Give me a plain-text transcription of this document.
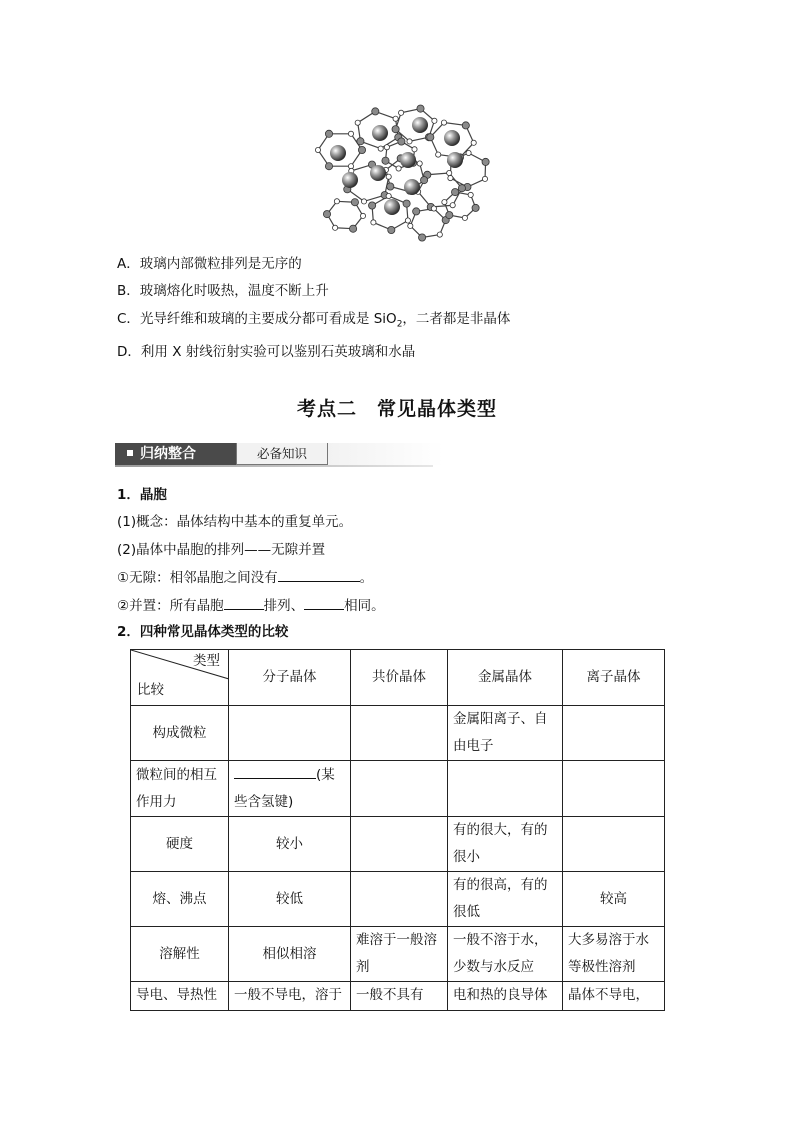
A．玻璃内部微粒排列是无序的
B．玻璃熔化时吸热，温度不断上升
C．光导纤维和玻璃的主要成分都可看成是 SiO$_2$，二者都是非晶体
D．利用 X 射线衍射实验可以鉴别石英玻璃和水晶
考点二　常见晶体类型
归纳整合	必备知识
1．晶胞
(1)概念：晶体结构中基本的重复单元。
(2)晶体中晶胞的排列——无隙并置
①无隙：相邻晶胞之间没有	。
②并置：所有晶胞	排列、	相同。
2．四种常见晶体类型的比较
类型
比较	分子晶体	共价晶体	金属晶体	离子晶体
构成微粒			金属阳离子、自由电子	
微粒间的相互作用力	(某些含氢键)			
硬度	较小		有的很大，有的很小	
熔、沸点	较低		有的很高，有的很低	较高
溶解性	相似相溶	难溶于一般溶剂	一般不溶于水，少数与水反应	大多易溶于水等极性溶剂
导电、导热性	一般不导电，溶于	一般不具有	电和热的良导体	晶体不导电，
